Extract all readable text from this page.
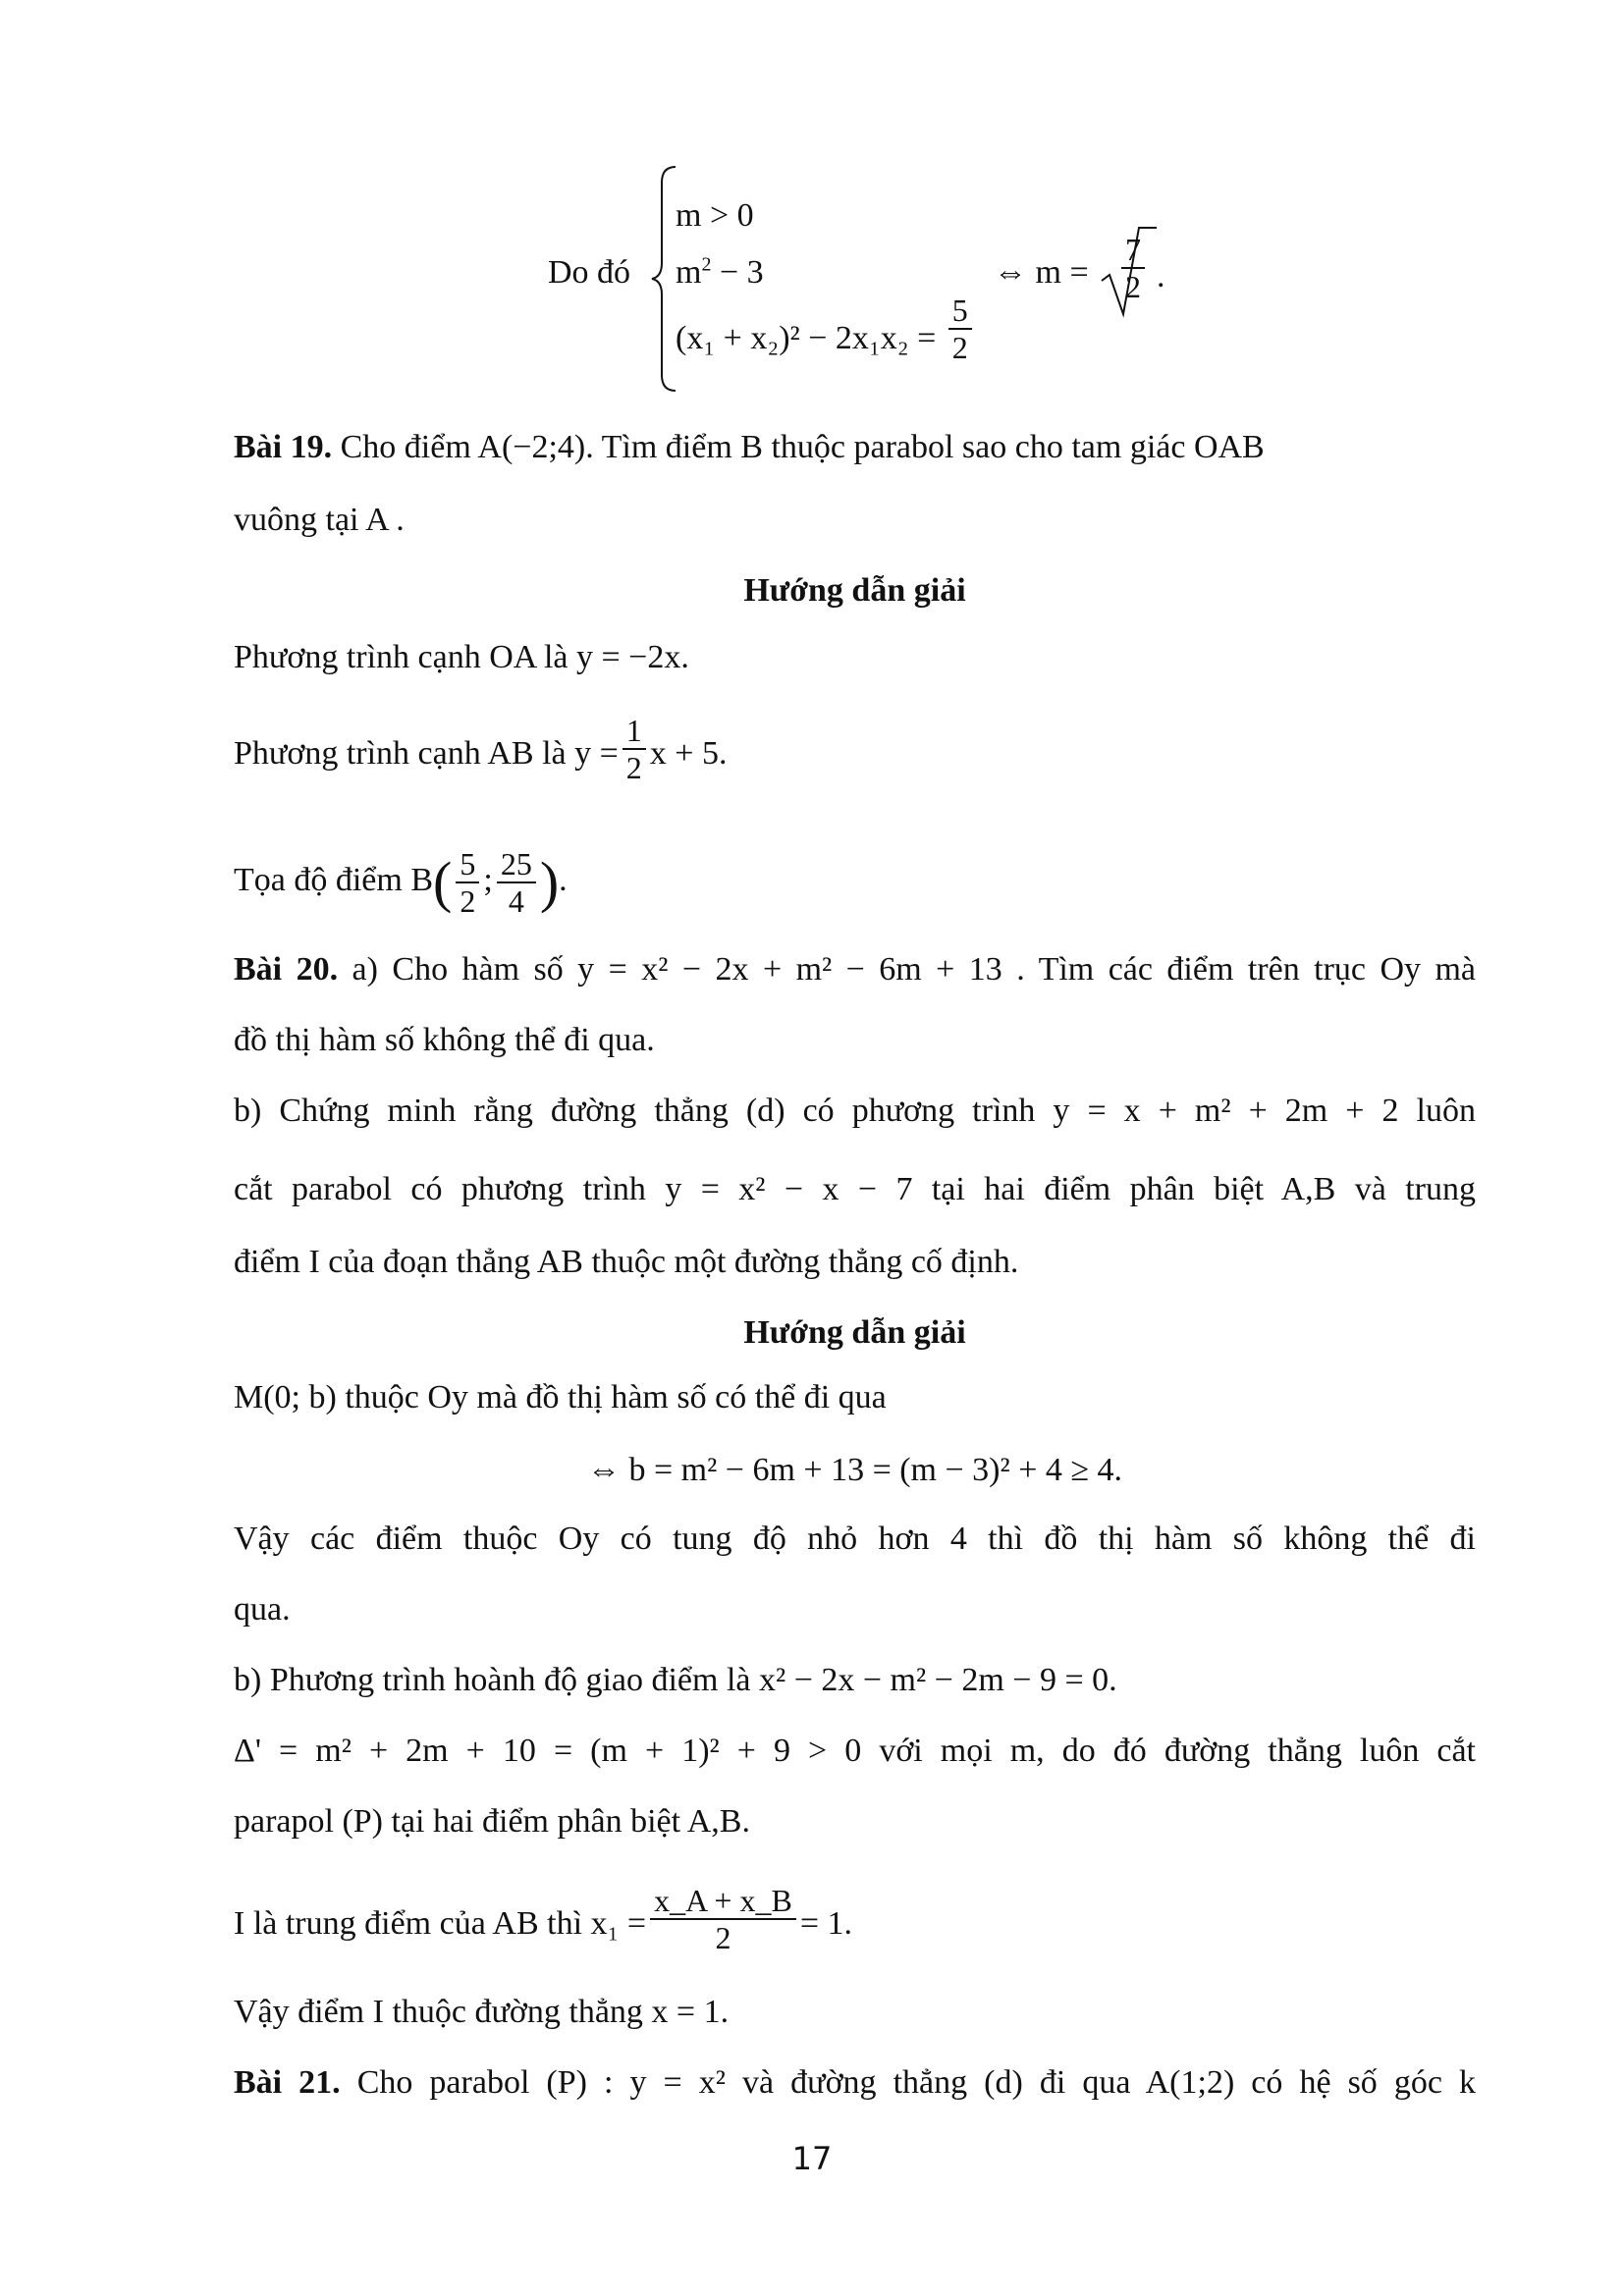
Do đó
m > 0
$m^2 - 3$
$(x_1 + x_2)^2 - 2x_1x_2 = \frac{5}{2}$
⇔ $m = \frac{7}{2}$ .
Bài 19. Cho điểm A(−2;4). Tìm điểm B thuộc parabol sao cho tam giác OAB
vuông tại A .
Hướng dẫn giải
Phương trình cạnh OA là y = −2x.
Phương trình cạnh AB là $y = \frac{1}{2}$ x + 5.
Tọa độ điểm $B( \frac{5}{2}$ ; $\frac{25}{4}$ ).
Bài 20. a) Cho hàm số y = x² − 2x + m² − 6m + 13 . Tìm các điểm trên trục Oy mà
đồ thị hàm số không thể đi qua.
b) Chứng minh rằng đường thẳng (d) có phương trình y = x + m² + 2m + 2 luôn
cắt parabol có phương trình y = x² − x − 7 tại hai điểm phân biệt A,B và trung
điểm I của đoạn thẳng AB thuộc một đường thẳng cố định.
Hướng dẫn giải
M(0; b) thuộc Oy mà đồ thị hàm số có thể đi qua
⇔ b = m² − 6m + 13 = (m − 3)² + 4 ≥ 4.
Vậy các điểm thuộc Oy có tung độ nhỏ hơn 4 thì đồ thị hàm số không thể đi
qua.
b) Phương trình hoành độ giao điểm là x² − 2x − m² − 2m − 9 = 0.
Δ' = m² + 2m + 10 = (m + 1)² + 9 > 0 với mọi m, do đó đường thẳng luôn cắt
parapol (P) tại hai điểm phân biệt A,B.
I là trung điểm của AB thì $x_1 = \frac{x\_A + x\_B}{2} = 1$.
Vậy điểm I thuộc đường thẳng x = 1.
Bài 21. Cho parabol (P) : y = x² và đường thẳng (d) đi qua A(1;2) có hệ số góc k
17
